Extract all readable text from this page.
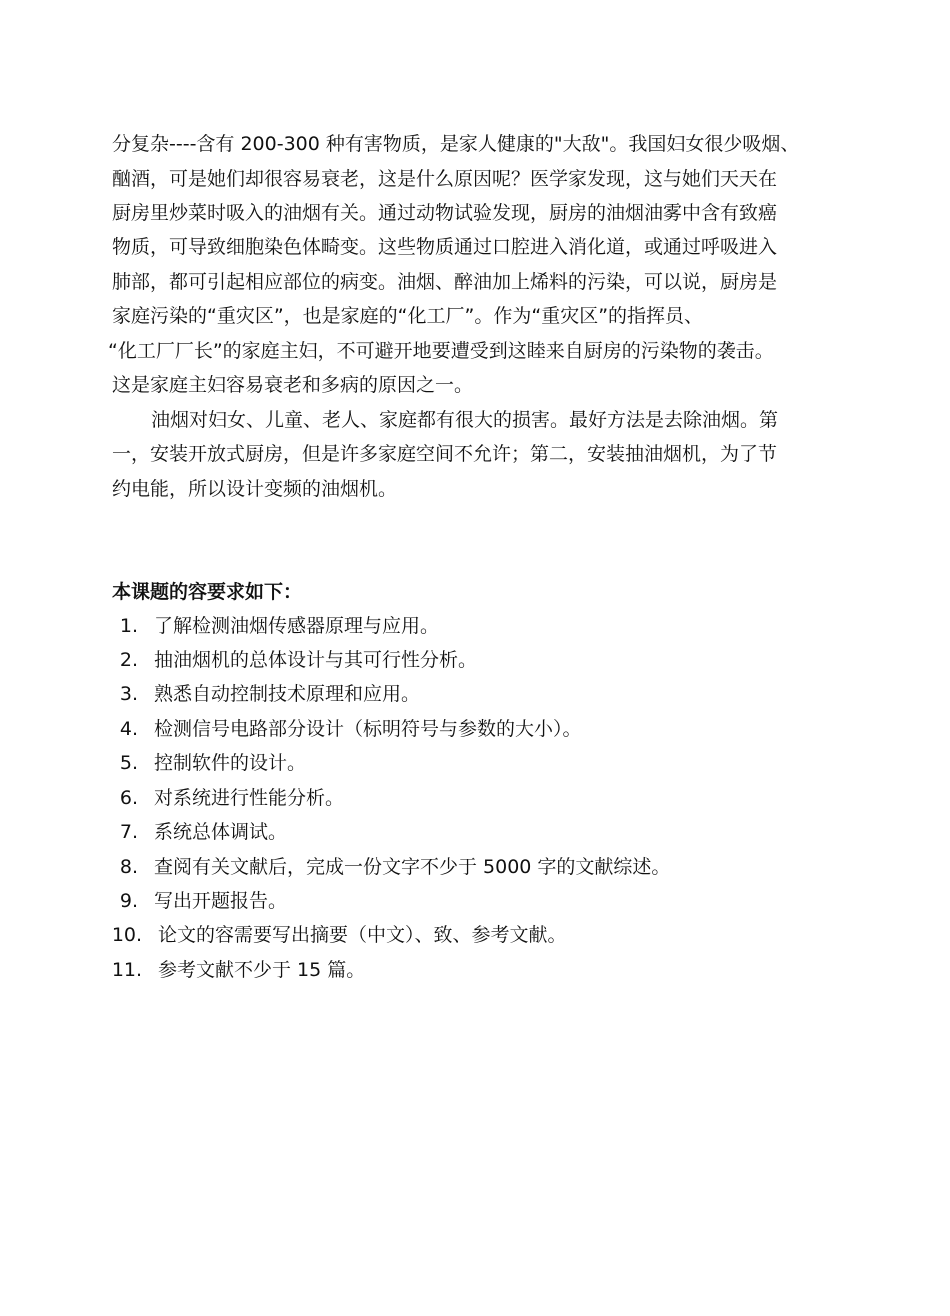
分复杂----含有 200-300 种有害物质，是家人健康的"大敌"。我国妇女很少吸烟、
酗酒，可是她们却很容易衰老，这是什么原因呢？医学家发现，这与她们天天在
厨房里炒菜时吸入的油烟有关。通过动物试验发现，厨房的油烟油雾中含有致癌
物质，可导致细胞染色体畸变。这些物质通过口腔进入消化道，或通过呼吸进入
肺部，都可引起相应部位的病变。油烟、醉油加上烯料的污染，可以说，厨房是
家庭污染的“重灾区”，也是家庭的“化工厂”。作为“重灾区”的指挥员、
“化工厂厂长”的家庭主妇，不可避开地要遭受到这睦来自厨房的污染物的袭击。
这是家庭主妇容易衰老和多病的原因之一。
油烟对妇女、儿童、老人、家庭都有很大的损害。最好方法是去除油烟。第
一，安装开放式厨房，但是许多家庭空间不允许；第二，安装抽油烟机，为了节
约电能，所以设计变频的油烟机。
本课题的容要求如下：
1. 了解检测油烟传感器原理与应用。
2. 抽油烟机的总体设计与其可行性分析。
3. 熟悉自动控制技术原理和应用。
4. 检测信号电路部分设计（标明符号与参数的大小）。
5. 控制软件的设计。
6. 对系统进行性能分析。
7. 系统总体调试。
8. 查阅有关文献后，完成一份文字不少于 5000 字的文献综述。
9. 写出开题报告。
10. 论文的容需要写出摘要（中文）、致、参考文献。
11. 参考文献不少于 15 篇。
